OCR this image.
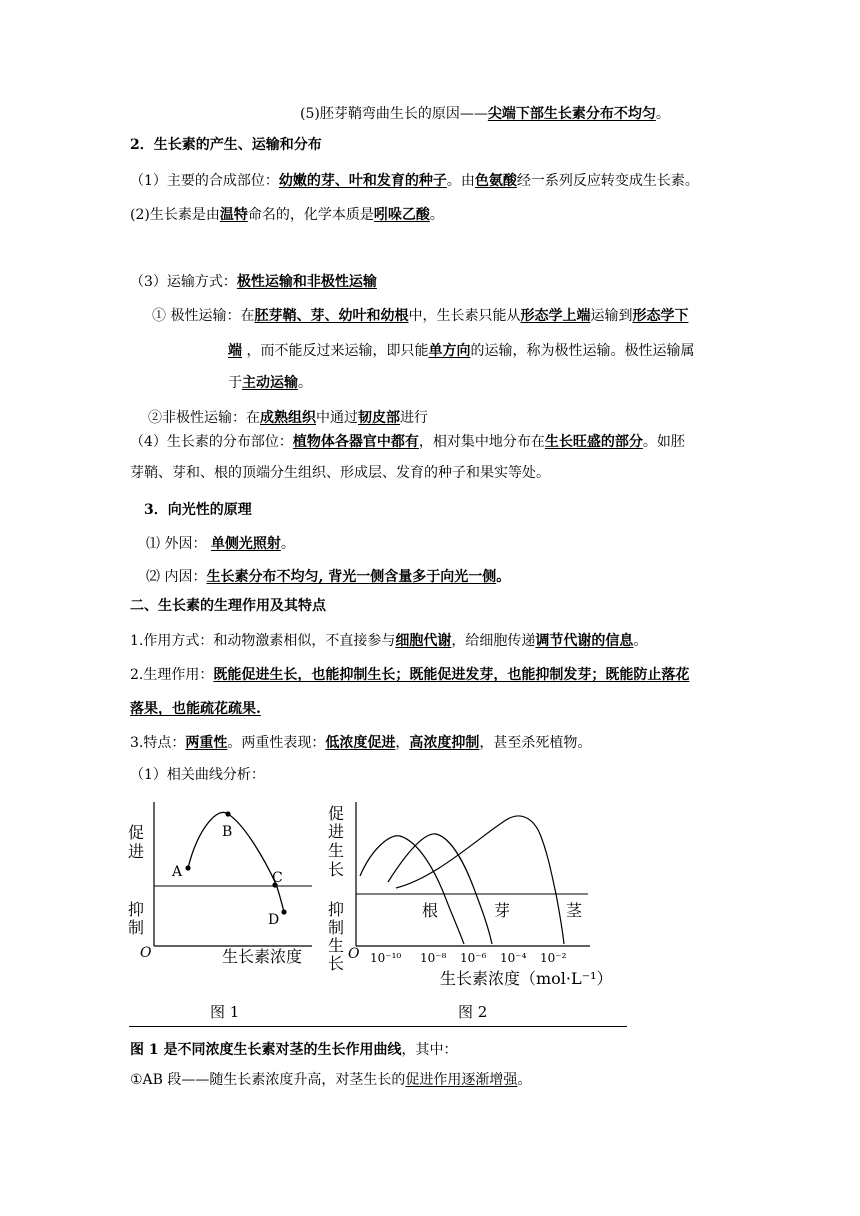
(5)胚芽鞘弯曲生长的原因——尖端下部生长素分布不均匀。
2．生长素的产生、运输和分布
（1）主要的合成部位：幼嫩的芽、叶和发育的种子。由色氨酸经一系列反应转变成生长素。
(2)生长素是由温特命名的，化学本质是吲哚乙酸。
（3）运输方式：极性运输和非极性运输
① 极性运输：在胚芽鞘、芽、幼叶和幼根中，生长素只能从形态学上端运输到形态学下
端 ，而不能反过来运输，即只能单方向的运输，称为极性运输。极性运输属
于主动运输。
②非极性运输：在成熟组织中通过韧皮部进行
（4）生长素的分布部位：植物体各器官中都有，相对集中地分布在生长旺盛的部分。如胚
芽鞘、芽和、根的顶端分生组织、形成层、发育的种子和果实等处。
3．向光性的原理
⑴ 外因： 单侧光照射。
⑵ 内因：生长素分布不均匀, 背光一侧含量多于向光一侧。
二、生长素的生理作用及其特点
1.作用方式：和动物激素相似，不直接参与细胞代谢，给细胞传递调节代谢的信息。
2.生理作用：既能促进生长，也能抑制生长；既能促进发芽，也能抑制发芽；既能防止落花
落果，也能疏花疏果.
3.特点：两重性。两重性表现：低浓度促进，高浓度抑制，甚至杀死植物。
（1）相关曲线分析：
促
进
抑
制
O
A
B
C
D
生长素浓度
图 1
促
进
生
长
抑
制
生
长 O
根	芽	茎
10⁻¹⁰ 10⁻⁸ 10⁻⁶ 10⁻⁴ 10⁻²
生长素浓度（mol·L⁻¹）
图 2
图 1 是不同浓度生长素对茎的生长作用曲线，其中：
①AB 段——随生长素浓度升高，对茎生长的促进作用逐渐增强。
